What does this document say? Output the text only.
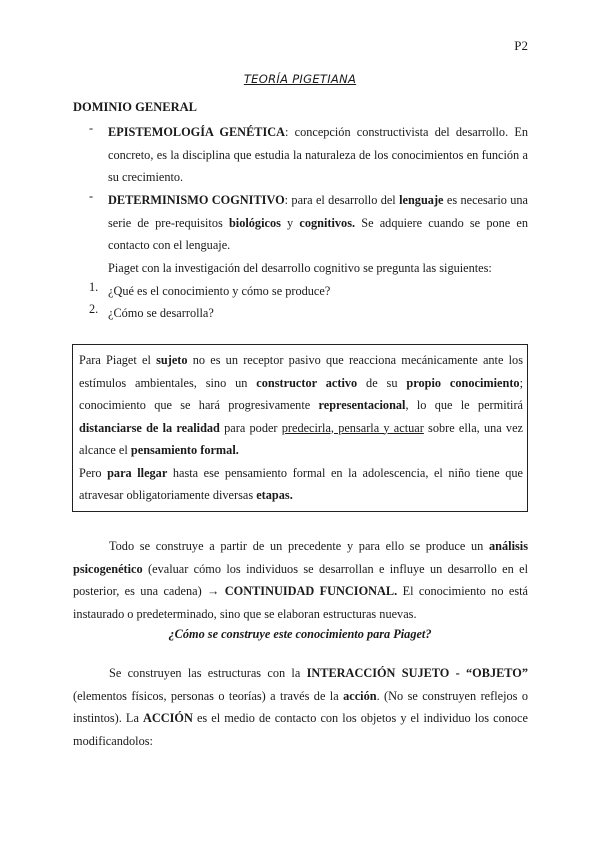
P2
TEORÍA PIGETIANA
DOMINIO GENERAL
- EPISTEMOLOGÍA GENÉTICA: concepción constructivista del desarrollo. En concreto, es la disciplina que estudia la naturaleza de los conocimientos en función a su crecimiento.

- DETERMINISMO COGNITIVO: para el desarrollo del lenguaje es necesario una serie de pre-requisitos biológicos y cognitivos. Se adquiere cuando se pone en contacto con el lenguaje.

Piaget con la investigación del desarrollo cognitivo se pregunta las siguientes:

1. ¿Qué es el conocimiento y cómo se produce?

2. ¿Cómo se desarrolla?

Para Piaget el sujeto no es un receptor pasivo que reacciona mecánicamente ante los estímulos ambientales, sino un constructor activo de su propio conocimiento; conocimiento que se hará progresivamente representacional, lo que le permitirá distanciarse de la realidad para poder predecirla, pensarla y actuar sobre ella, una vez alcance el pensamiento formal.

Pero para llegar hasta ese pensamiento formal en la adolescencia, el niño tiene que atravesar obligatoriamente diversas etapas.

Todo se construye a partir de un precedente y para ello se produce un análisis psicogenético (evaluar cómo los individuos se desarrollan e influye un desarrollo en el posterior, es una cadena) → CONTINUIDAD FUNCIONAL. El conocimiento no está instaurado o predeterminado, sino que se elaboran estructuras nuevas.

¿Cómo se construye este conocimiento para Piaget?

Se construyen las estructuras con la INTERACCIÓN SUJETO - “OBJETO” (elementos físicos, personas o teorías) a través de la acción. (No se construyen reflejos o instintos). La ACCIÓN es el medio de contacto con los objetos y el individuo los conoce modificandolos:
